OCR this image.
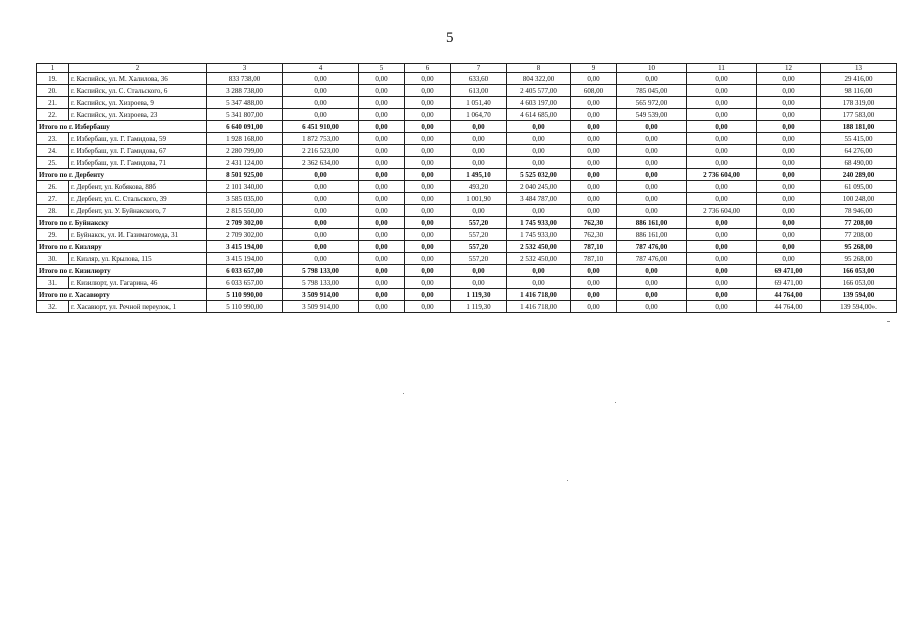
5
1	2	3	4	5	6	7	8	9	10	11	12	13
19.	г. Каспийск, ул. М. Халилова, 36	833 738,00	0,00	0,00	0,00	633,60	804 322,00	0,00	0,00	0,00	0,00	29 416,00
20.	г. Каспийск, ул. С. Стальского, 6	3 288 738,00	0,00	0,00	0,00	613,00	2 405 577,00	608,00	785 045,00	0,00	0,00	98 116,00
21.	г. Каспийск, ул. Хизроева, 9	5 347 488,00	0,00	0,00	0,00	1 051,40	4 603 197,00	0,00	565 972,00	0,00	0,00	178 319,00
22.	г. Каспийск, ул. Хизроева, 23	5 341 807,00	0,00	0,00	0,00	1 064,70	4 614 685,00	0,00	549 539,00	0,00	0,00	177 583,00
Итого по г. Избербашу		6 640 091,00	6 451 910,00	0,00	0,00	0,00	0,00	0,00	0,00	0,00	0,00	188 181,00
23.	г. Избербаш, ул. Г. Гамидова, 59	1 928 168,00	1 872 753,00	0,00	0,00	0,00	0,00	0,00	0,00	0,00	0,00	55 415,00
24.	г. Избербаш, ул. Г. Гамидова, 67	2 280 799,00	2 216 523,00	0,00	0,00	0,00	0,00	0,00	0,00	0,00	0,00	64 276,00
25.	г. Избербаш, ул. Г. Гамидова, 71	2 431 124,00	2 362 634,00	0,00	0,00	0,00	0,00	0,00	0,00	0,00	0,00	68 490,00
Итого по г. Дербенту		8 501 925,00	0,00	0,00	0,00	1 495,10	5 525 032,00	0,00	0,00	2 736 604,00	0,00	240 289,00
26.	г. Дербент, ул. Кобякова, 88б	2 101 340,00	0,00	0,00	0,00	493,20	2 040 245,00	0,00	0,00	0,00	0,00	61 095,00
27.	г. Дербент, ул. С. Стальского, 39	3 585 035,00	0,00	0,00	0,00	1 001,90	3 484 787,00	0,00	0,00	0,00	0,00	100 248,00
28.	г. Дербент, ул. У. Буйнакского, 7	2 815 550,00	0,00	0,00	0,00	0,00	0,00	0,00	0,00	2 736 604,00	0,00	78 946,00
Итого по г. Буйнакску		2 709 302,00	0,00	0,00	0,00	557,20	1 745 933,00	762,30	886 161,00	0,00	0,00	77 208,00
29.	г. Буйнакск, ул. И. Газимагомеда, 31	2 709 302,00	0,00	0,00	0,00	557,20	1 745 933,00	762,30	886 161,00	0,00	0,00	77 208,00
Итого по г. Кизляру		3 415 194,00	0,00	0,00	0,00	557,20	2 532 450,00	787,10	787 476,00	0,00	0,00	95 268,00
30.	г. Кизляр, ул. Крылова, 115	3 415 194,00	0,00	0,00	0,00	557,20	2 532 450,00	787,10	787 476,00	0,00	0,00	95 268,00
Итого по г. Кизилюрту		6 033 657,00	5 798 133,00	0,00	0,00	0,00	0,00	0,00	0,00	0,00	69 471,00	166 053,00
31.	г. Кизилюрт, ул. Гагарина, 46	6 033 657,00	5 798 133,00	0,00	0,00	0,00	0,00	0,00	0,00	0,00	69 471,00	166 053,00
Итого по г. Хасавюрту		5 110 990,00	3 509 914,00	0,00	0,00	1 119,30	1 416 718,00	0,00	0,00	0,00	44 764,00	139 594,00
32.	г. Хасавюрт, ул. Речной переулок, 1	5 110 990,00	3 509 914,00	0,00	0,00	1 119,30	1 416 718,00	0,00	0,00	0,00	44 764,00	139 594,00».
